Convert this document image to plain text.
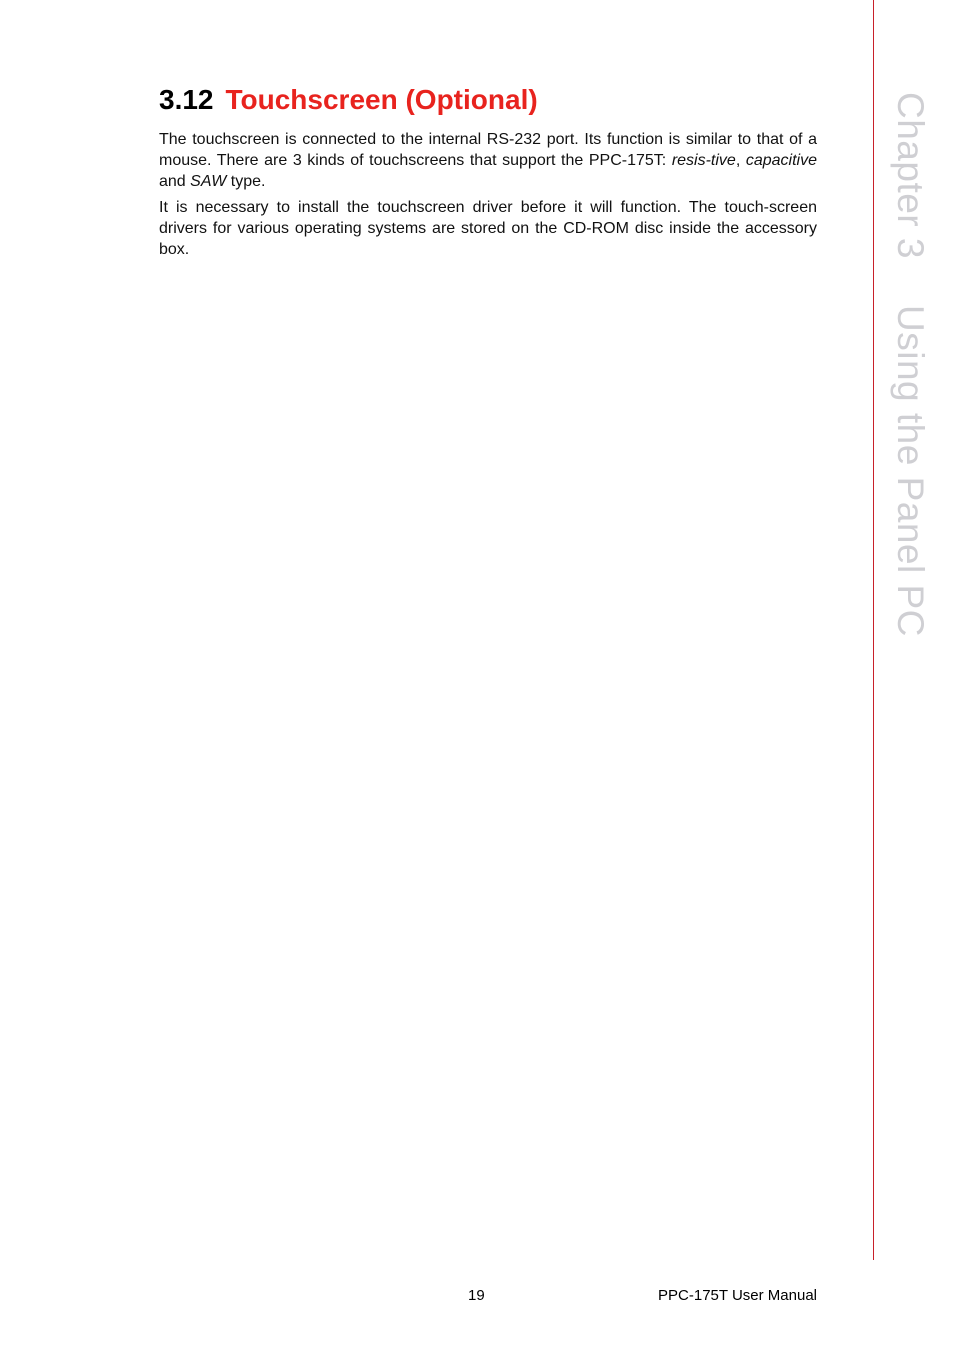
3.12 Touchscreen (Optional)

The touchscreen is connected to the internal RS-232 port. Its function is similar to that of a mouse. There are 3 kinds of touchscreens that support the PPC-175T: resis-tive, capacitive and SAW type.

It is necessary to install the touchscreen driver before it will function. The touch-screen drivers for various operating systems are stored on the CD-ROM disc inside the accessory box.	Chapter 3Using the Panel PC
19	PPC-175T User Manual
